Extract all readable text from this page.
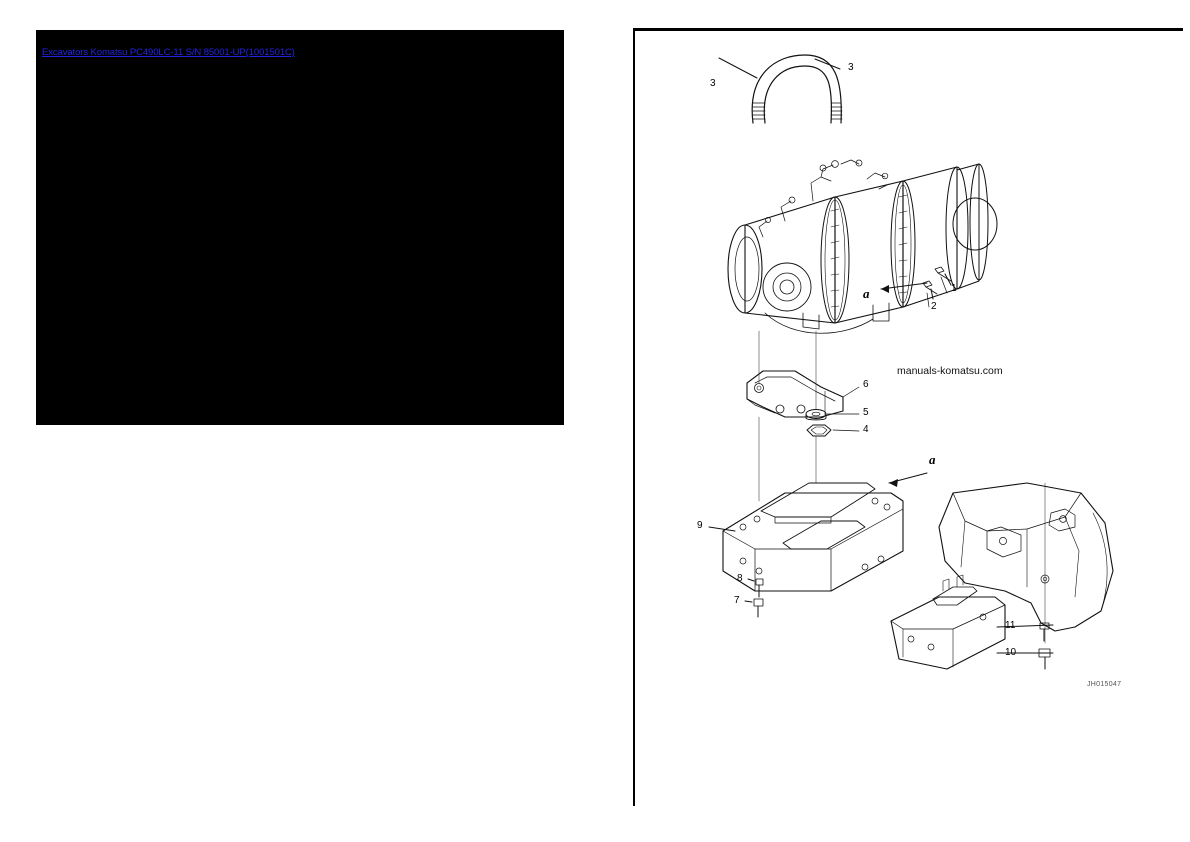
Excavators Komatsu PC490LC-11 S/N 85001-UP(1001501C)
3
3
1
2
6
5
4
9
8
7
11
10
a
a
manuals-komatsu.com
JH015047
